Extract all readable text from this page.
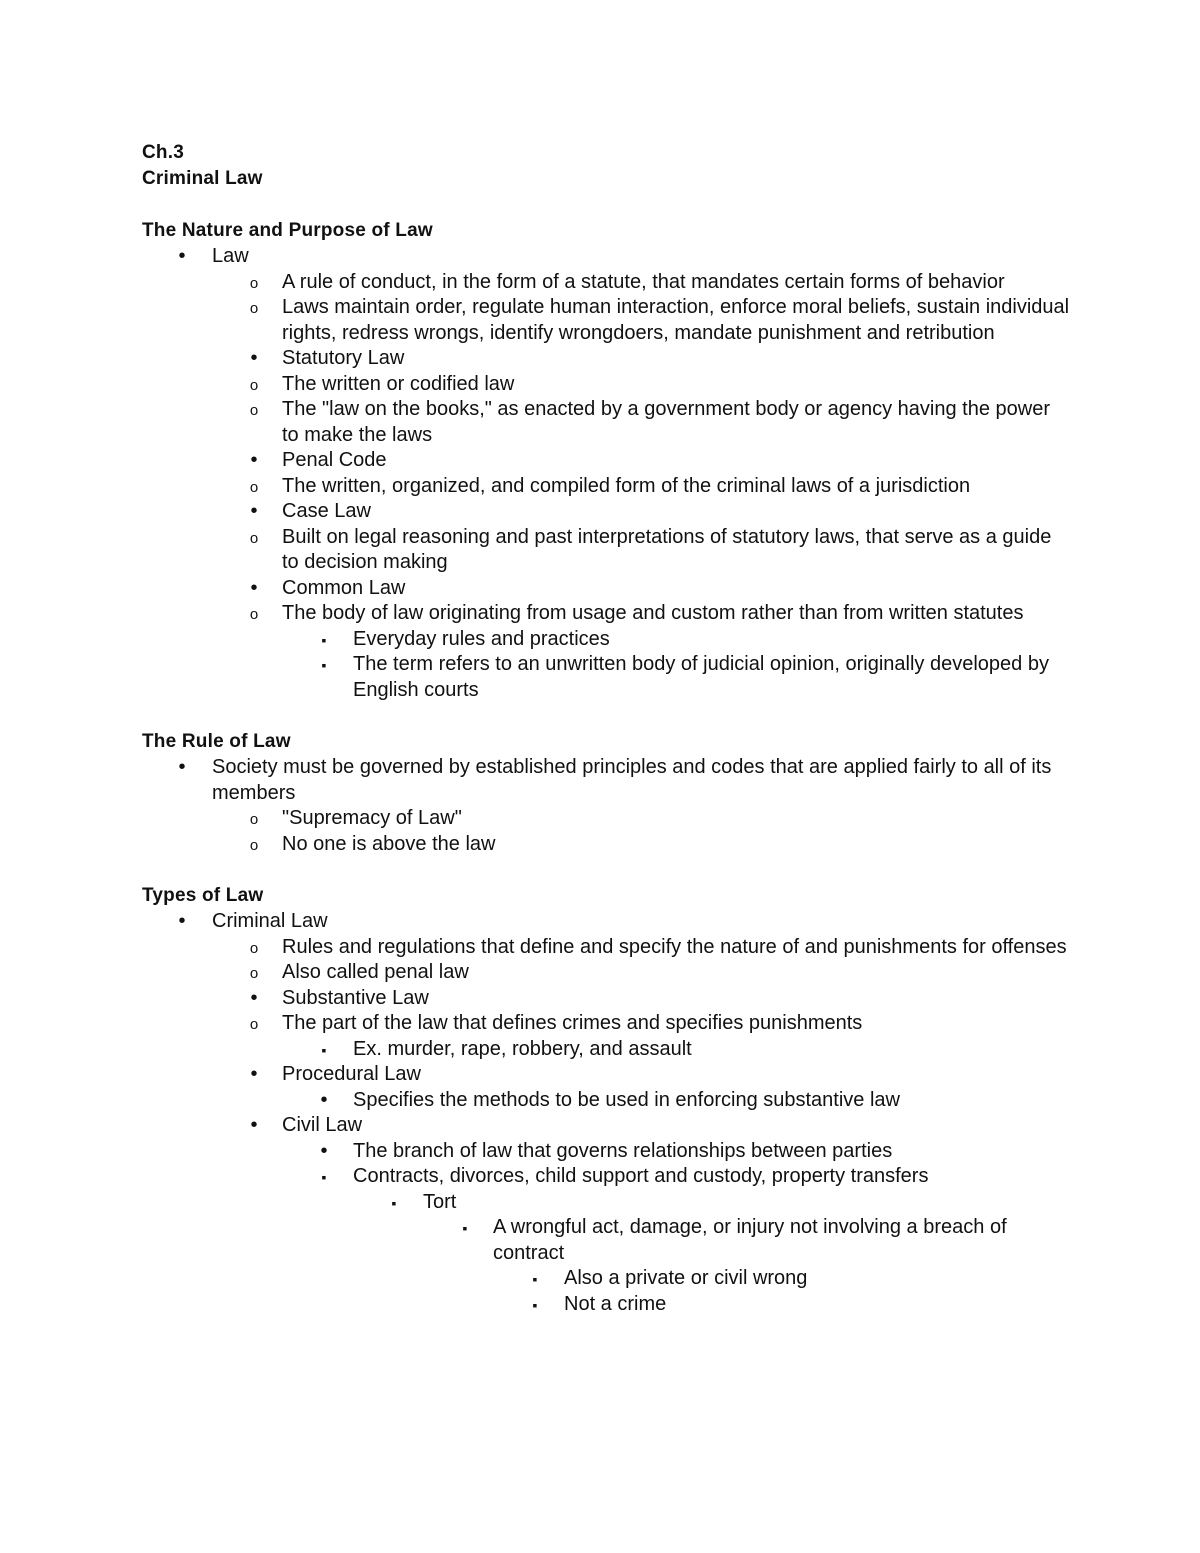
Ch.3
Criminal Law
The Nature and Purpose of Law
•
Law
o
A rule of conduct, in the form of a statute, that mandates certain forms of behavior
o
Laws maintain order, regulate human interaction, enforce moral beliefs, sustain individual rights, redress wrongs, identify wrongdoers, mandate punishment and retribution
•
Statutory Law
o
The written or codified law
o
The "law on the books," as enacted by a government body or agency having the power to make the laws
•
Penal Code
o
The written, organized, and compiled form of the criminal laws of a jurisdiction
•
Case Law
o
Built on legal reasoning and past interpretations of statutory laws, that serve as a guide to decision making
•
Common Law
o
The body of law originating from usage and custom rather than from written statutes
▪
Everyday rules and practices
▪
The term refers to an unwritten body of judicial opinion, originally developed by English courts
The Rule of Law
•
Society must be governed by established principles and codes that are applied fairly to all of its members
o
"Supremacy of Law"
o
No one is above the law
Types of Law
•
Criminal Law
o
Rules and regulations that define and specify the nature of and punishments for offenses
o
Also called penal law
•
Substantive Law
o
The part of the law that defines crimes and specifies punishments
▪
Ex. murder, rape, robbery, and assault
•
Procedural Law
•
Specifies the methods to be used in enforcing substantive law
•
Civil Law
•
The branch of law that governs relationships between parties
▪
Contracts, divorces, child support and custody, property transfers
▪
Tort
▪
A wrongful act, damage, or injury not involving a breach of contract
▪
Also a private or civil wrong
▪
Not a crime
